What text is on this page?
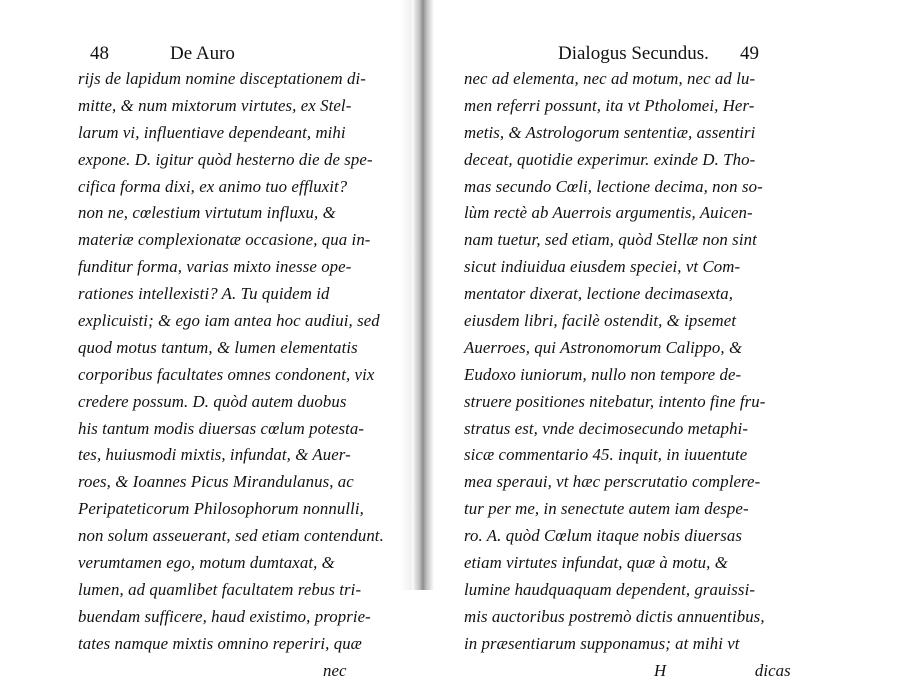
48	De Auro
rijs de lapidum nomine disceptationem di-
mitte, & num mixtorum virtutes, ex Stel-
larum vi, influentiave dependeant, mihi
expone. D. igitur quòd hesterno die de spe-
cifica forma dixi, ex animo tuo effluxit?
non ne, cœlestium virtutum influxu, &
materiæ complexionatæ occasione, qua in-
funditur forma, varias mixto inesse ope-
rationes intellexisti? A. Tu quidem id
explicuisti; & ego iam antea hoc audiui, sed
quod motus tantum, & lumen elementatis
corporibus facultates omnes condonent, vix
credere possum. D. quòd autem duobus
his tantum modis diuersas cœlum potesta-
tes, huiusmodi mixtis, infundat, & Auer-
roes, & Ioannes Picus Mirandulanus, ac
Peripateticorum Philosophorum nonnulli,
non solum asseuerant, sed etiam contendunt.
verumtamen ego, motum dumtaxat, &
lumen, ad quamlibet facultatem rebus tri-
buendam sufficere, haud existimo, proprie-
tates namque mixtis omnino reperiri, quæ
nec
Dialogus Secundus. 49
nec ad elementa, nec ad motum, nec ad lu-
men referri possunt, ita vt Ptholomei, Her-
metis, & Astrologorum sententiæ, assentiri
deceat, quotidie experimur. exinde D. Tho-
mas secundo Cœli, lectione decima, non so-
lùm rectè ab Auerrois argumentis, Auicen-
nam tuetur, sed etiam, quòd Stellæ non sint
sicut indiuidua eiusdem speciei, vt Com-
mentator dixerat, lectione decimasexta,
eiusdem libri, facilè ostendit, & ipsemet
Auerroes, qui Astronomorum Calippo, &
Eudoxo iuniorum, nullo non tempore de-
struere positiones nitebatur, intento fine fru-
stratus est, vnde decimosecundo metaphi-
sicæ commentario 45. inquit, in iuuentute
mea speraui, vt hæc perscrutatio complere-
tur per me, in senectute autem iam despe-
ro. A. quòd Cœlum itaque nobis diuersas
etiam virtutes infundat, quæ à motu, &
lumine haudquaquam dependent, grauissi-
mis auctoribus postremò dictis annuentibus,
in præsentiarum supponamus; at mihi vt
H	dicas
